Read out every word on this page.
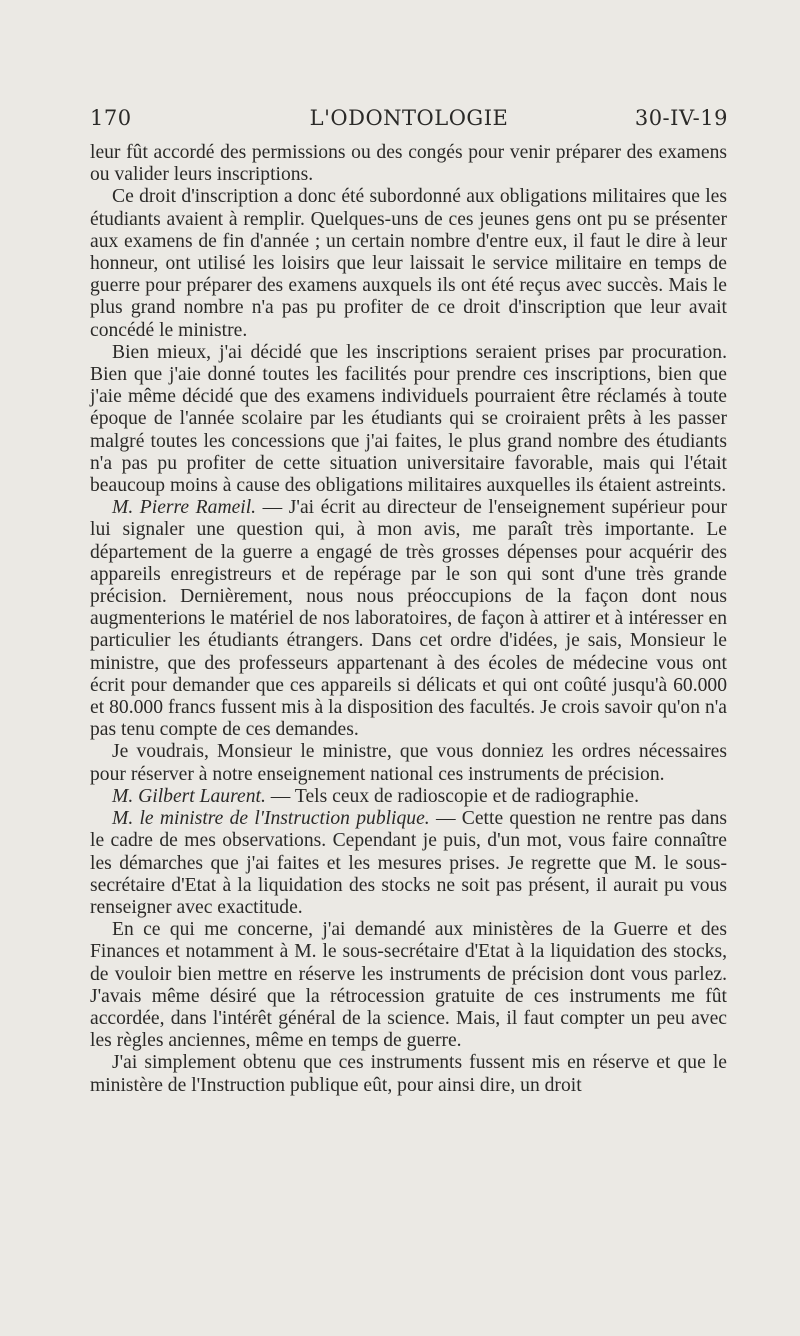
170	L'ODONTOLOGIE	30-IV-19

leur fût accordé des permissions ou des congés pour venir préparer des examens ou valider leurs inscriptions.

Ce droit d'inscription a donc été subordonné aux obligations militaires que les étudiants avaient à remplir. Quelques-uns de ces jeunes gens ont pu se présenter aux examens de fin d'année ; un certain nombre d'entre eux, il faut le dire à leur honneur, ont utilisé les loisirs que leur laissait le service militaire en temps de guerre pour préparer des examens auxquels ils ont été reçus avec succès. Mais le plus grand nombre n'a pas pu profiter de ce droit d'inscription que leur avait concédé le ministre.

Bien mieux, j'ai décidé que les inscriptions seraient prises par procuration. Bien que j'aie donné toutes les facilités pour prendre ces inscriptions, bien que j'aie même décidé que des examens individuels pourraient être réclamés à toute époque de l'année scolaire par les étudiants qui se croiraient prêts à les passer malgré toutes les concessions que j'ai faites, le plus grand nombre des étudiants n'a pas pu profiter de cette situation universitaire favorable, mais qui l'était beaucoup moins à cause des obligations militaires auxquelles ils étaient astreints.

M. Pierre Rameil. — J'ai écrit au directeur de l'enseignement supérieur pour lui signaler une question qui, à mon avis, me paraît très importante. Le département de la guerre a engagé de très grosses dépenses pour acquérir des appareils enregistreurs et de repérage par le son qui sont d'une très grande précision. Dernièrement, nous nous préoccupions de la façon dont nous augmenterions le matériel de nos laboratoires, de façon à attirer et à intéresser en particulier les étudiants étrangers. Dans cet ordre d'idées, je sais, Monsieur le ministre, que des professeurs appartenant à des écoles de médecine vous ont écrit pour demander que ces appareils si délicats et qui ont coûté jusqu'à 60.000 et 80.000 francs fussent mis à la disposition des facultés. Je crois savoir qu'on n'a pas tenu compte de ces demandes.

Je voudrais, Monsieur le ministre, que vous donniez les ordres nécessaires pour réserver à notre enseignement national ces instruments de précision.

M. Gilbert Laurent. — Tels ceux de radioscopie et de radiographie.

M. le ministre de l'Instruction publique. — Cette question ne rentre pas dans le cadre de mes observations. Cependant je puis, d'un mot, vous faire connaître les démarches que j'ai faites et les mesures prises. Je regrette que M. le sous-secrétaire d'Etat à la liquidation des stocks ne soit pas présent, il aurait pu vous renseigner avec exactitude.

En ce qui me concerne, j'ai demandé aux ministères de la Guerre et des Finances et notamment à M. le sous-secrétaire d'Etat à la liquidation des stocks, de vouloir bien mettre en réserve les instruments de précision dont vous parlez. J'avais même désiré que la rétrocession gratuite de ces instruments me fût accordée, dans l'intérêt général de la science. Mais, il faut compter un peu avec les règles anciennes, même en temps de guerre.

J'ai simplement obtenu que ces instruments fussent mis en réserve et que le ministère de l'Instruction publique eût, pour ainsi dire, un droit
